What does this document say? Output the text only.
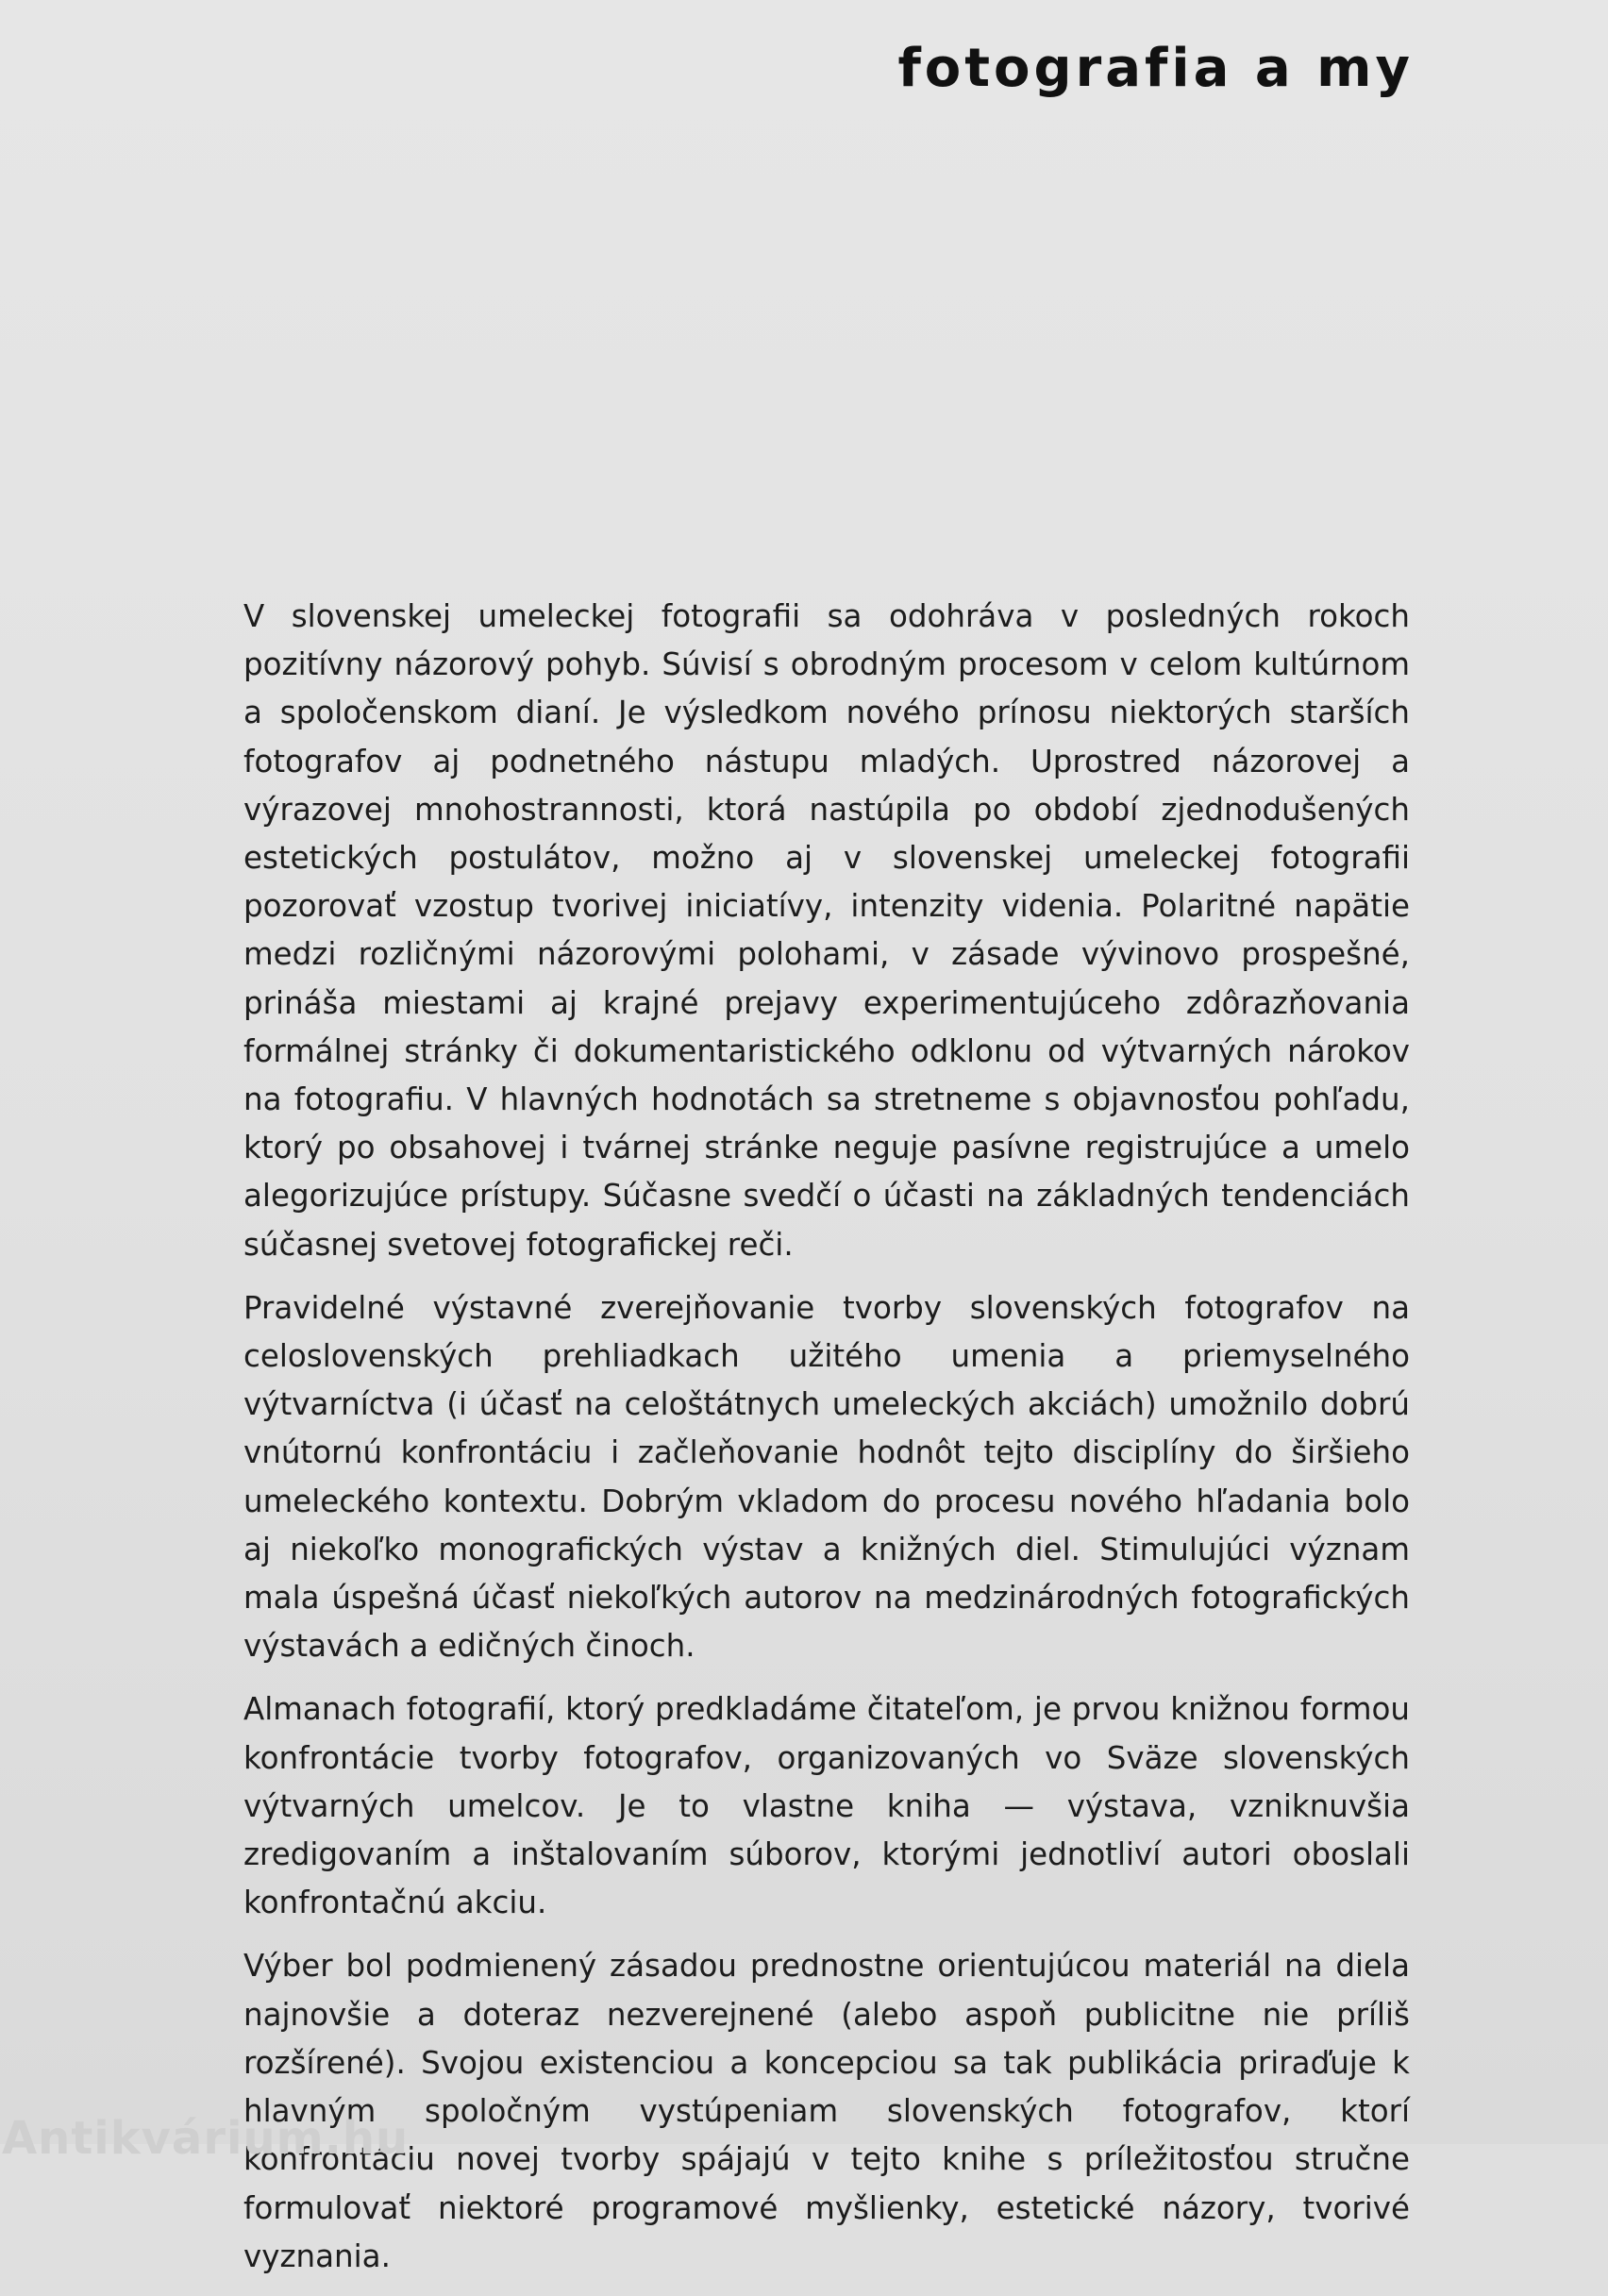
fotografia a my

V slovenskej umeleckej fotografii sa odohráva v posledných rokoch pozitívny názorový pohyb. Súvisí s obrodným procesom v celom kultúrnom a spoločenskom dianí. Je výsledkom nového prínosu niektorých starších fotografov aj podnetného nástupu mladých. Uprostred názorovej a výrazovej mnohostrannosti, ktorá nastúpila po období zjednodušených estetických postulátov, možno aj v slovenskej umeleckej fotografii pozorovať vzostup tvorivej iniciatívy, intenzity videnia. Polaritné napätie medzi rozličnými názorovými polohami, v zásade vývinovo prospešné, prináša miestami aj krajné prejavy experimentujúceho zdôrazňovania formálnej stránky či dokumentaristického odklonu od výtvarných nárokov na fotografiu. V hlavných hodnotách sa stretneme s objavnosťou pohľadu, ktorý po obsahovej i tvárnej stránke neguje pasívne registrujúce a umelo alegorizujúce prístupy. Súčasne svedčí o účasti na základných tendenciách súčasnej svetovej fotografickej reči.

Pravidelné výstavné zverejňovanie tvorby slovenských fotografov na celoslovenských prehliadkach užitého umenia a priemyselného výtvarníctva (i účasť na celoštátnych umeleckých akciách) umožnilo dobrú vnútornú konfrontáciu i začleňovanie hodnôt tejto disciplíny do širšieho umeleckého kontextu. Dobrým vkladom do procesu nového hľadania bolo aj niekoľko monografických výstav a knižných diel. Stimulujúci význam mala úspešná účasť niekoľkých autorov na medzinárodných fotografických výstavách a edičných činoch.

Almanach fotografií, ktorý predkladáme čitateľom, je prvou knižnou formou konfrontácie tvorby fotografov, organizovaných vo Sväze slovenských výtvarných umelcov. Je to vlastne kniha — výstava, vzniknuvšia zredigovaním a inštalovaním súborov, ktorými jednotliví autori oboslali konfrontačnú akciu.

Výber bol podmienený zásadou prednostne orientujúcou materiál na diela najnovšie a doteraz nezverejnené (alebo aspoň publicitne nie príliš rozšírené). Svojou existenciou a koncepciou sa tak publikácia priraďuje k hlavným spoločným vystúpeniam slovenských fotografov, ktorí konfrontáciu novej tvorby spájajú v tejto knihe s príležitosťou stručne formulovať niektoré programové myšlienky, estetické názory, tvorivé vyznania.

Antikvárium.hu
